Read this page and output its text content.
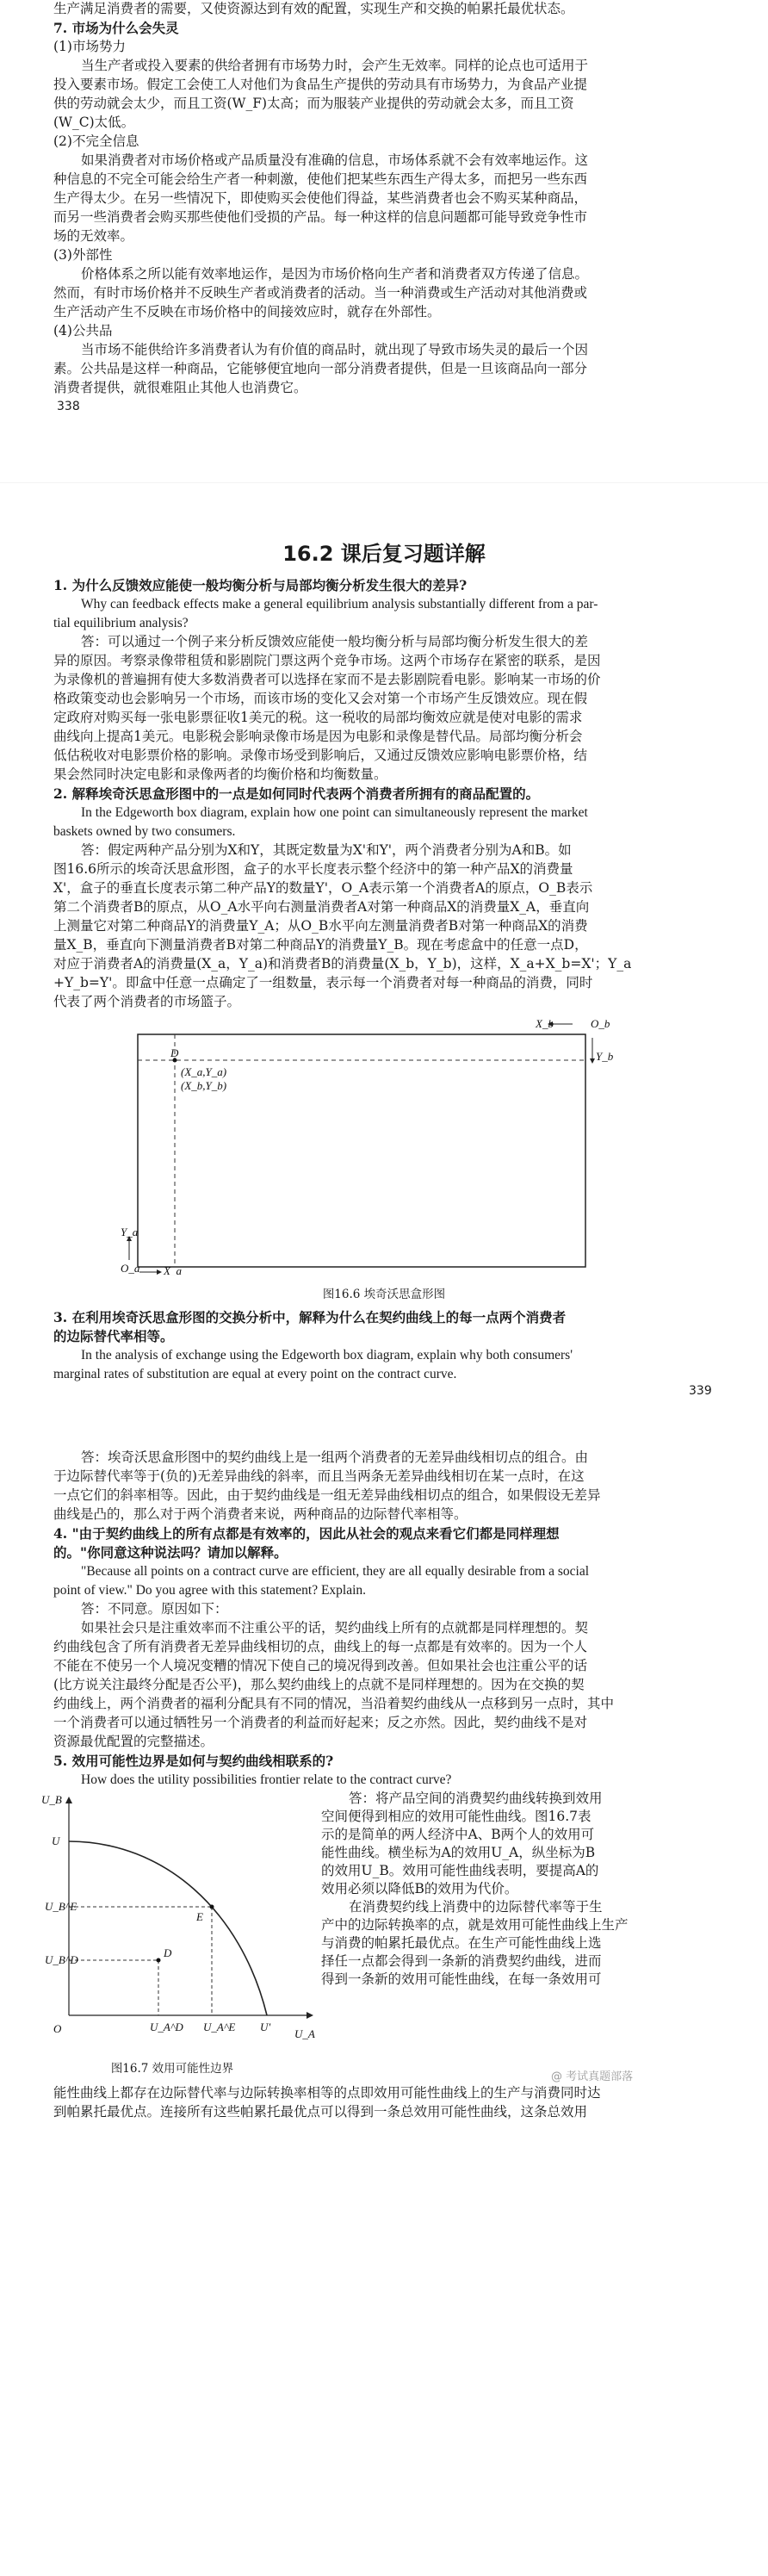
生产满足消费者的需要，又使资源达到有效的配置，实现生产和交换的帕累托最优状态。
7. 市场为什么会失灵
(1)市场势力
当生产者或投入要素的供给者拥有市场势力时，会产生无效率。同样的论点也可适用于
投入要素市场。假定工会使工人对他们为食品生产提供的劳动具有市场势力，为食品产业提
供的劳动就会太少，而且工资(W_F)太高；而为服装产业提供的劳动就会太多，而且工资
(W_C)太低。
(2)不完全信息
如果消费者对市场价格或产品质量没有准确的信息，市场体系就不会有效率地运作。这
种信息的不完全可能会给生产者一种刺激，使他们把某些东西生产得太多，而把另一些东西
生产得太少。在另一些情况下，即使购买会使他们得益，某些消费者也会不购买某种商品，
而另一些消费者会购买那些使他们受损的产品。每一种这样的信息问题都可能导致竞争性市
场的无效率。
(3)外部性
价格体系之所以能有效率地运作，是因为市场价格向生产者和消费者双方传递了信息。
然而，有时市场价格并不反映生产者或消费者的活动。当一种消费或生产活动对其他消费或
生产活动产生不反映在市场价格中的间接效应时，就存在外部性。
(4)公共品
当市场不能供给许多消费者认为有价值的商品时，就出现了导致市场失灵的最后一个因
素。公共品是这样一种商品，它能够便宜地向一部分消费者提供，但是一旦该商品向一部分
消费者提供，就很难阻止其他人也消费它。
338
16.2 课后复习题详解
1. 为什么反馈效应能使一般均衡分析与局部均衡分析发生很大的差异?
Why can feedback effects make a general equilibrium analysis substantially different from a par-
tial equilibrium analysis?
答：可以通过一个例子来分析反馈效应能使一般均衡分析与局部均衡分析发生很大的差
异的原因。考察录像带租赁和影剧院门票这两个竞争市场。这两个市场存在紧密的联系，是因
为录像机的普遍拥有使大多数消费者可以选择在家而不是去影剧院看电影。影响某一市场的价
格政策变动也会影响另一个市场，而该市场的变化又会对第一个市场产生反馈效应。现在假
定政府对购买每一张电影票征收1美元的税。这一税收的局部均衡效应就是使对电影的需求
曲线向上提高1美元。电影税会影响录像市场是因为电影和录像是替代品。局部均衡分析会
低估税收对电影票价格的影响。录像市场受到影响后，又通过反馈效应影响电影票价格，结
果会然同时决定电影和录像两者的均衡价格和均衡数量。
2. 解释埃奇沃思盒形图中的一点是如何同时代表两个消费者所拥有的商品配置的。
In the Edgeworth box diagram, explain how one point can simultaneously represent the market
baskets owned by two consumers.
答：假定两种产品分别为X和Y，其既定数量为X'和Y'，两个消费者分别为A和B。如
图16.6所示的埃奇沃思盒形图，盒子的水平长度表示整个经济中的第一种产品X的消费量
X'，盒子的垂直长度表示第二种产品Y的数量Y'，O_A表示第一个消费者A的原点，O_B表示
第二个消费者B的原点，从O_A水平向右测量消费者A对第一种商品X的消费量X_A，垂直向
上测量它对第二种商品Y的消费量Y_A；从O_B水平向左测量消费者B对第一种商品X的消费
量X_B，垂直向下测量消费者B对第二种商品Y的消费量Y_B。现在考虑盒中的任意一点D，
对应于消费者A的消费量(X_a，Y_a)和消费者B的消费量(X_b，Y_b)，这样，X_a+X_b=X'；Y_a
+Y_b=Y'。即盒中任意一点确定了一组数量，表示每一个消费者对每一种商品的消费，同时
代表了两个消费者的市场篮子。
D
(X_a,Y_a)
(X_b,Y_b)
X_b	O_b
Y_b
Y_a
O_a X_a
图16.6 埃奇沃思盒形图
3. 在利用埃奇沃思盒形图的交换分析中，解释为什么在契约曲线上的每一点两个消费者
的边际替代率相等。
In the analysis of exchange using the Edgeworth box diagram, explain why both consumers'
marginal rates of substitution are equal at every point on the contract curve.
339
答：埃奇沃思盒形图中的契约曲线上是一组两个消费者的无差异曲线相切点的组合。由
于边际替代率等于(负的)无差异曲线的斜率，而且当两条无差异曲线相切在某一点时，在这
一点它们的斜率相等。因此，由于契约曲线是一组无差异曲线相切点的组合，如果假设无差异
曲线是凸的，那么对于两个消费者来说，两种商品的边际替代率相等。
4. "由于契约曲线上的所有点都是有效率的，因此从社会的观点来看它们都是同样理想
的。"你同意这种说法吗？请加以解释。
"Because all points on a contract curve are efficient, they are all equally desirable from a social
point of view." Do you agree with this statement? Explain.
答：不同意。原因如下：
如果社会只是注重效率而不注重公平的话，契约曲线上所有的点就都是同样理想的。契
约曲线包含了所有消费者无差异曲线相切的点，曲线上的每一点都是有效率的。因为一个人
不能在不使另一个人境况变糟的情况下使自己的境况得到改善。但如果社会也注重公平的话
(比方说关注最终分配是否公平)，那么契约曲线上的点就不是同样理想的。因为在交换的契
约曲线上，两个消费者的福利分配具有不同的情况，当沿着契约曲线从一点移到另一点时，其中
一个消费者可以通过牺牲另一个消费者的利益而好起来；反之亦然。因此，契约曲线不是对
资源最优配置的完整描述。
5. 效用可能性边界是如何与契约曲线相联系的?
How does the utility possibilities frontier relate to the contract curve?
U_B
U_A
O
U
E
D
U_B^E
U_B^D
U_A^D U_A^E U'
图16.7 效用可能性边界
答：将产品空间的消费契约曲线转换到效用
空间便得到相应的效用可能性曲线。图16.7表
示的是简单的两人经济中A、B两个人的效用可
能性曲线。横坐标为A的效用U_A，纵坐标为B
的效用U_B。效用可能性曲线表明，要提高A的
效用必须以降低B的效用为代价。
在消费契约线上消费中的边际替代率等于生
产中的边际转换率的点，就是效用可能性曲线上生产
与消费的帕累托最优点。在生产可能性曲线上选
择任一点都会得到一条新的消费契约曲线，进而
得到一条新的效用可能性曲线，在每一条效用可
能性曲线上都存在边际替代率与边际转换率相等的点即效用可能性曲线上的生产与消费同时达
到帕累托最优点。连接所有这些帕累托最优点可以得到一条总效用可能性曲线，这条总效用
@ 考试真题部落
